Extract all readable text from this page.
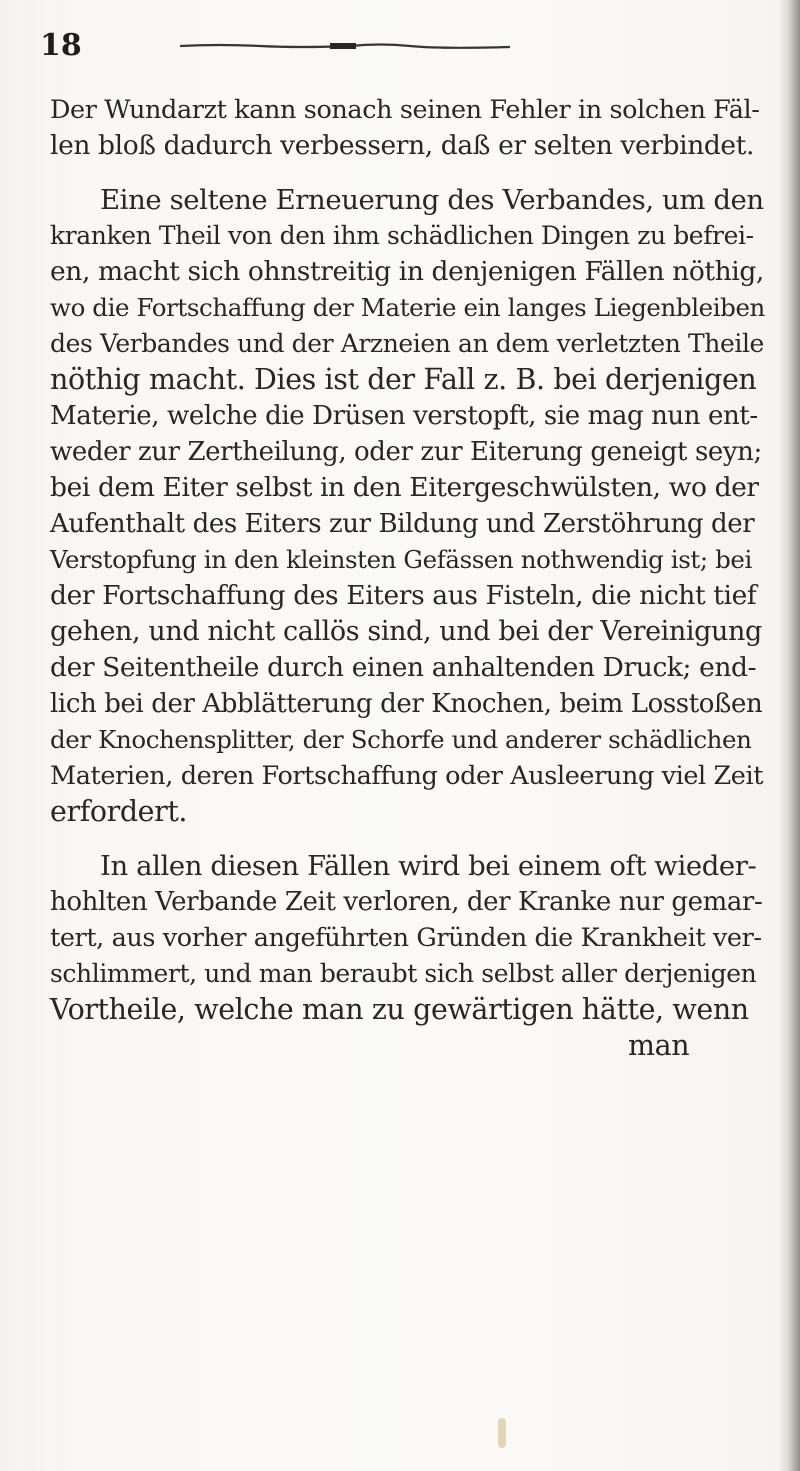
18
Der Wundarzt kann sonach seinen Fehler in solchen Fäl-
len bloß dadurch verbessern, daß er selten verbindet.
Eine seltene Erneuerung des Verbandes, um den
kranken Theil von den ihm schädlichen Dingen zu befrei-
en, macht sich ohnstreitig in denjenigen Fällen nöthig,
wo die Fortschaffung der Materie ein langes Liegenbleiben
des Verbandes und der Arzneien an dem verletzten Theile
nöthig macht. Dies ist der Fall z. B. bei derjenigen
Materie, welche die Drüsen verstopft, sie mag nun ent-
weder zur Zertheilung, oder zur Eiterung geneigt seyn;
bei dem Eiter selbst in den Eitergeschwülsten, wo der
Aufenthalt des Eiters zur Bildung und Zerstöhrung der
Verstopfung in den kleinsten Gefässen nothwendig ist; bei
der Fortschaffung des Eiters aus Fisteln, die nicht tief
gehen, und nicht callös sind, und bei der Vereinigung
der Seitentheile durch einen anhaltenden Druck; end-
lich bei der Abblätterung der Knochen, beim Losstoßen
der Knochensplitter, der Schorfe und anderer schädlichen
Materien, deren Fortschaffung oder Ausleerung viel Zeit
erfordert.
In allen diesen Fällen wird bei einem oft wieder-
hohlten Verbande Zeit verloren, der Kranke nur gemar-
tert, aus vorher angeführten Gründen die Krankheit ver-
schlimmert, und man beraubt sich selbst aller derjenigen
Vortheile, welche man zu gewärtigen hätte, wenn
man
